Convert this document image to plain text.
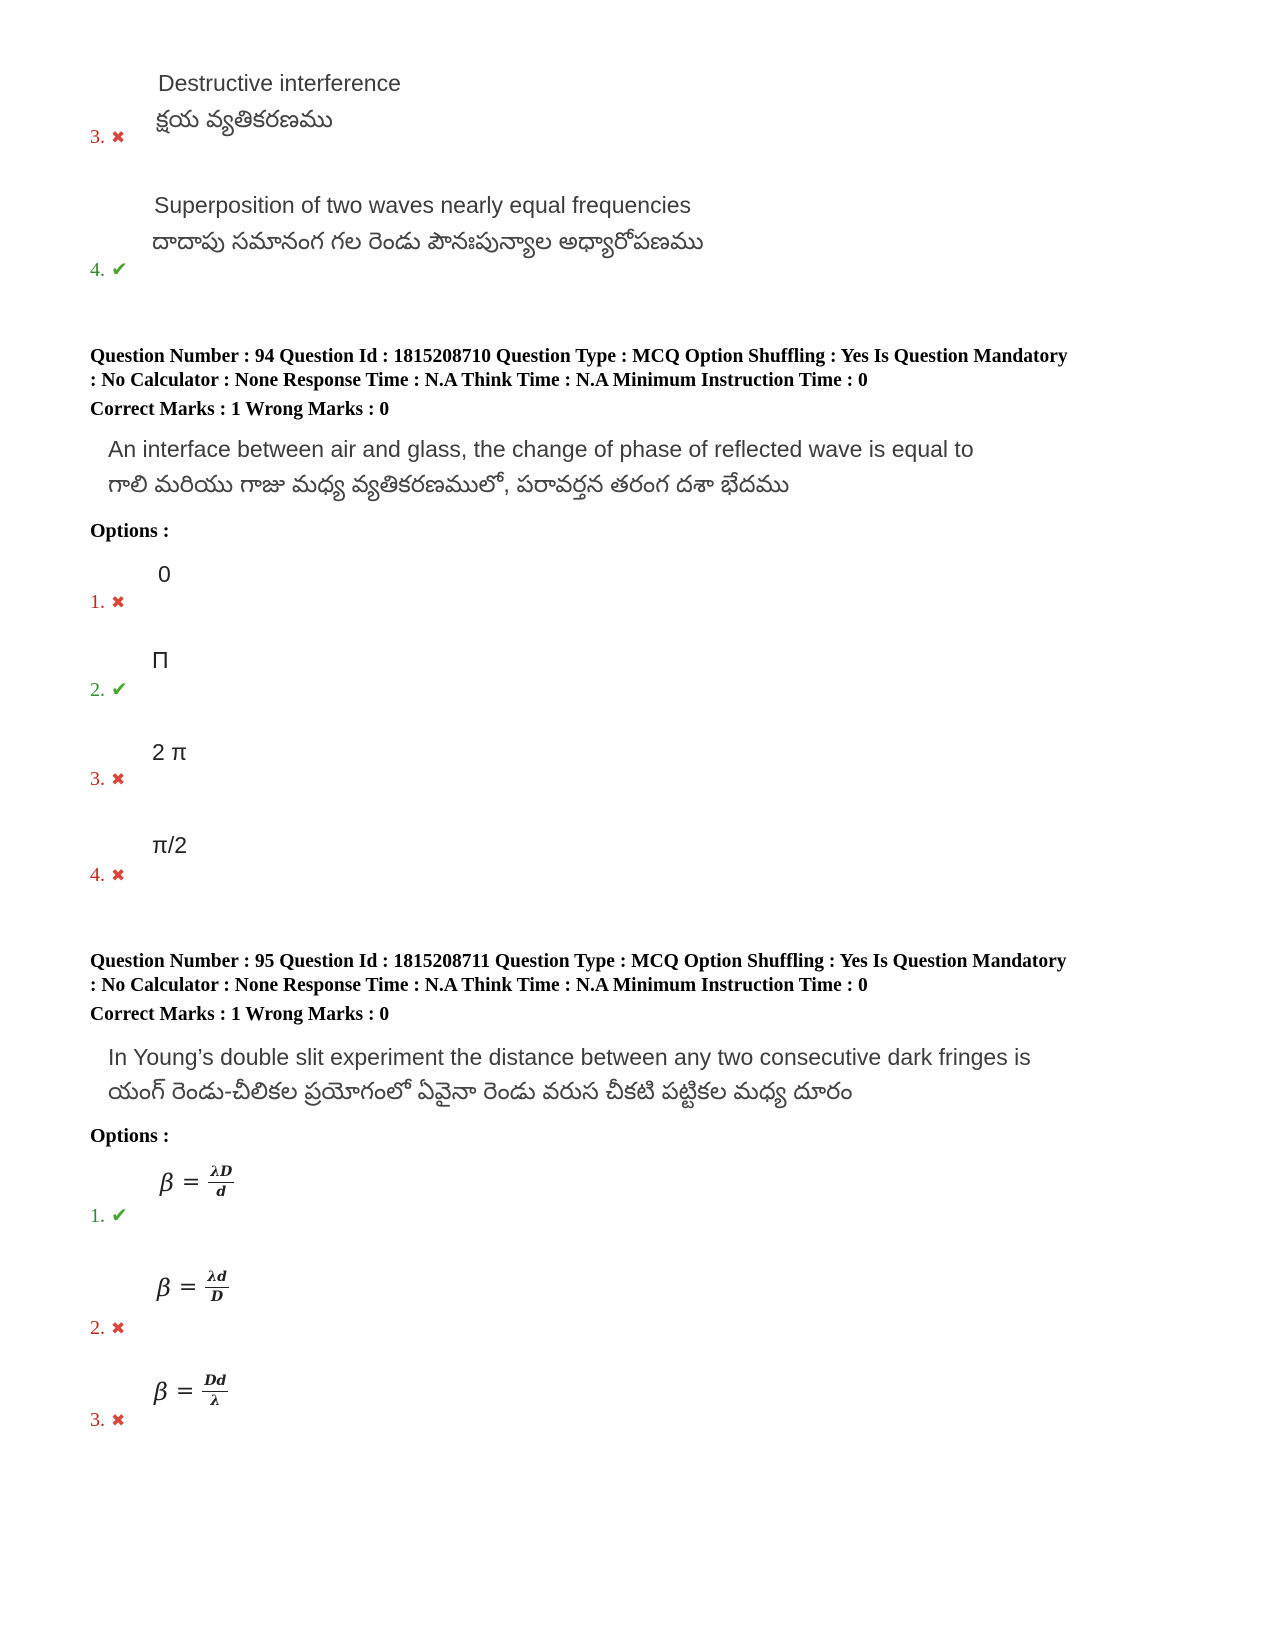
Destructive interference
క్షయ వ్యతికరణము
3. ✖
Superposition of two waves nearly equal frequencies
దాదాపు సమానంగ గల రెండు పౌనఃపున్యాల అధ్యారోపణము
4. ✔
Question Number : 94 Question Id : 1815208710 Question Type : MCQ Option Shuffling : Yes Is Question Mandatory
: No Calculator : None Response Time : N.A Think Time : N.A Minimum Instruction Time : 0
Correct Marks : 1 Wrong Marks : 0
An interface between air and glass, the change of phase of reflected wave is equal to
గాలి మరియు గాజు మధ్య వ్యతికరణములో, పరావర్తన తరంగ దశా భేదము
Options :
0
1. ✖
Π
2. ✔
2 π
3. ✖
π/2
4. ✖
Question Number : 95 Question Id : 1815208711 Question Type : MCQ Option Shuffling : Yes Is Question Mandatory
: No Calculator : None Response Time : N.A Think Time : N.A Minimum Instruction Time : 0
Correct Marks : 1 Wrong Marks : 0
In Young’s double slit experiment the distance between any two consecutive dark fringes is
యంగ్ రెండు-చీలికల ప్రయోగంలో ఏవైనా రెండు వరుస చీకటి పట్టికల మధ్య దూరం
Options :
$\beta = \frac{\lambda D}{d}$
1. ✔
$\beta = \frac{\lambda d}{D}$
2. ✖
$\beta = \frac{Dd}{\lambda}$
3. ✖
